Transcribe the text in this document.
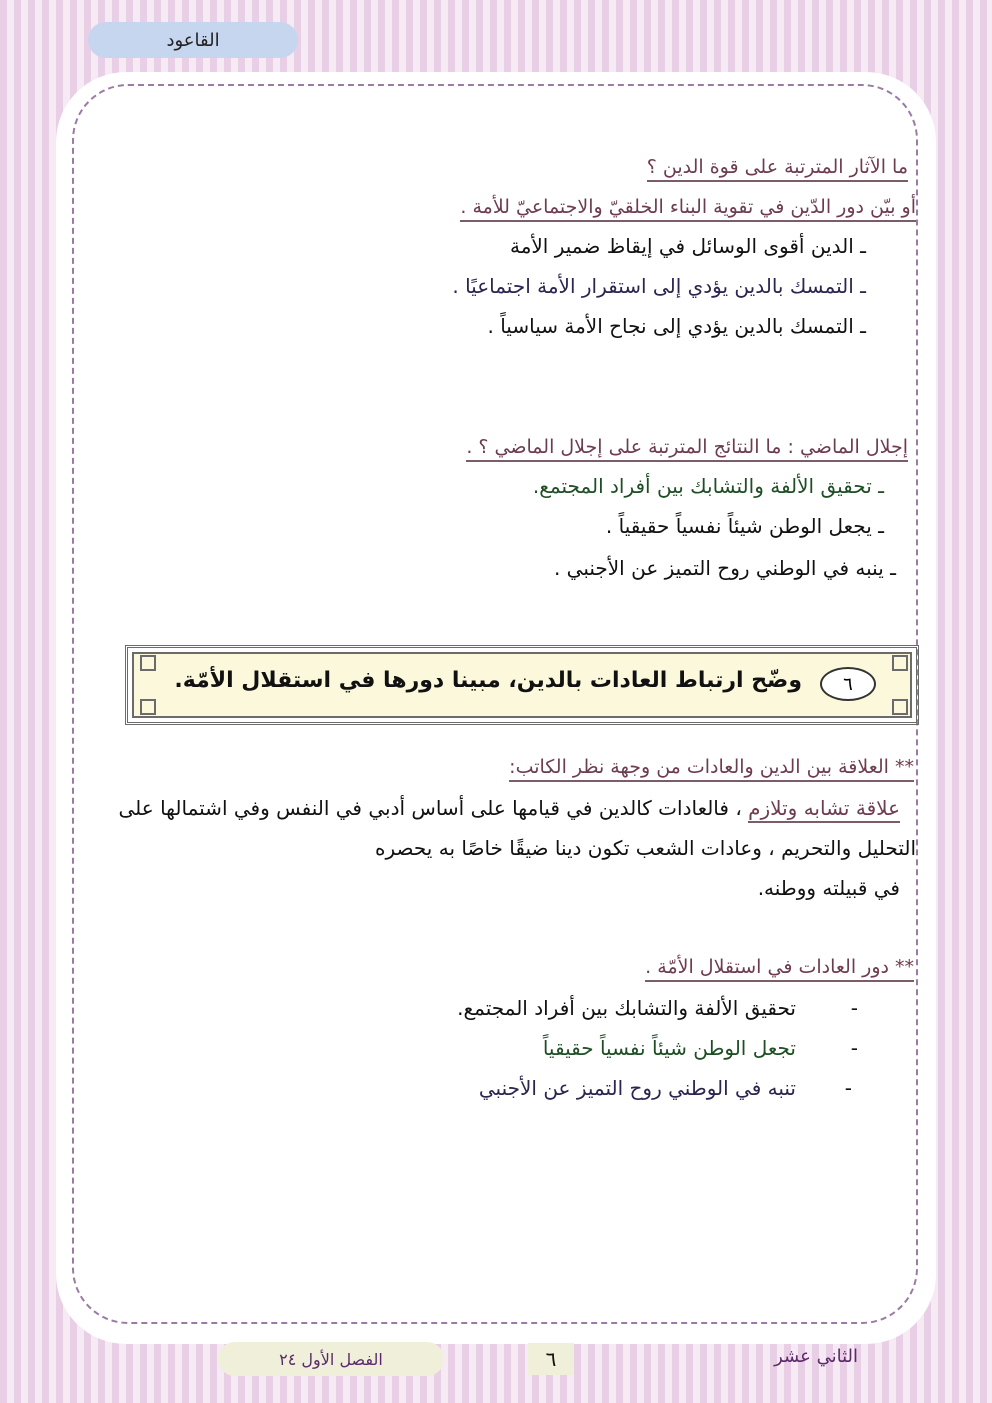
القاعود
ما الآثار المترتبة على قوة الدين ؟
أو بيّن دور الدّين في تقوية البناء الخلقيّ والاجتماعيّ للأمة .
ـ الدين أقوى الوسائل في إيقاظ ضمير الأمة
ـ التمسك بالدين يؤدي إلى استقرار الأمة اجتماعيًا .
ـ التمسك بالدين يؤدي إلى نجاح الأمة سياسياً .
إجلال الماضي : ما النتائج المترتبة على إجلال الماضي ؟ .
ـ تحقيق الألفة والتشابك بين أفراد المجتمع.
ـ يجعل الوطن شيئاً نفسياً حقيقياً .
ـ ينبه في الوطني روح التميز عن الأجنبي .
٦
وضّح ارتباط العادات بالدين، مبينا دورها في استقلال الأمّة.
** العلاقة بين الدين والعادات من وجهة نظر الكاتب:
علاقة تشابه وتلازم ، فالعادات كالدين في قيامها على أساس أدبي في النفس وفي اشتمالها على
التحليل والتحريم ، وعادات الشعب تكون دينا ضيقًا خاصًا به يحصره
في قبيلته ووطنه.
** دور العادات في استقلال الأمّة .
-
تحقيق الألفة والتشابك بين أفراد المجتمع.
-
تجعل الوطن شيئاً نفسياً حقيقياً
-
تنبه في الوطني روح التميز عن الأجنبي
الفصل الأول ٢٤	٦	الثاني عشر
